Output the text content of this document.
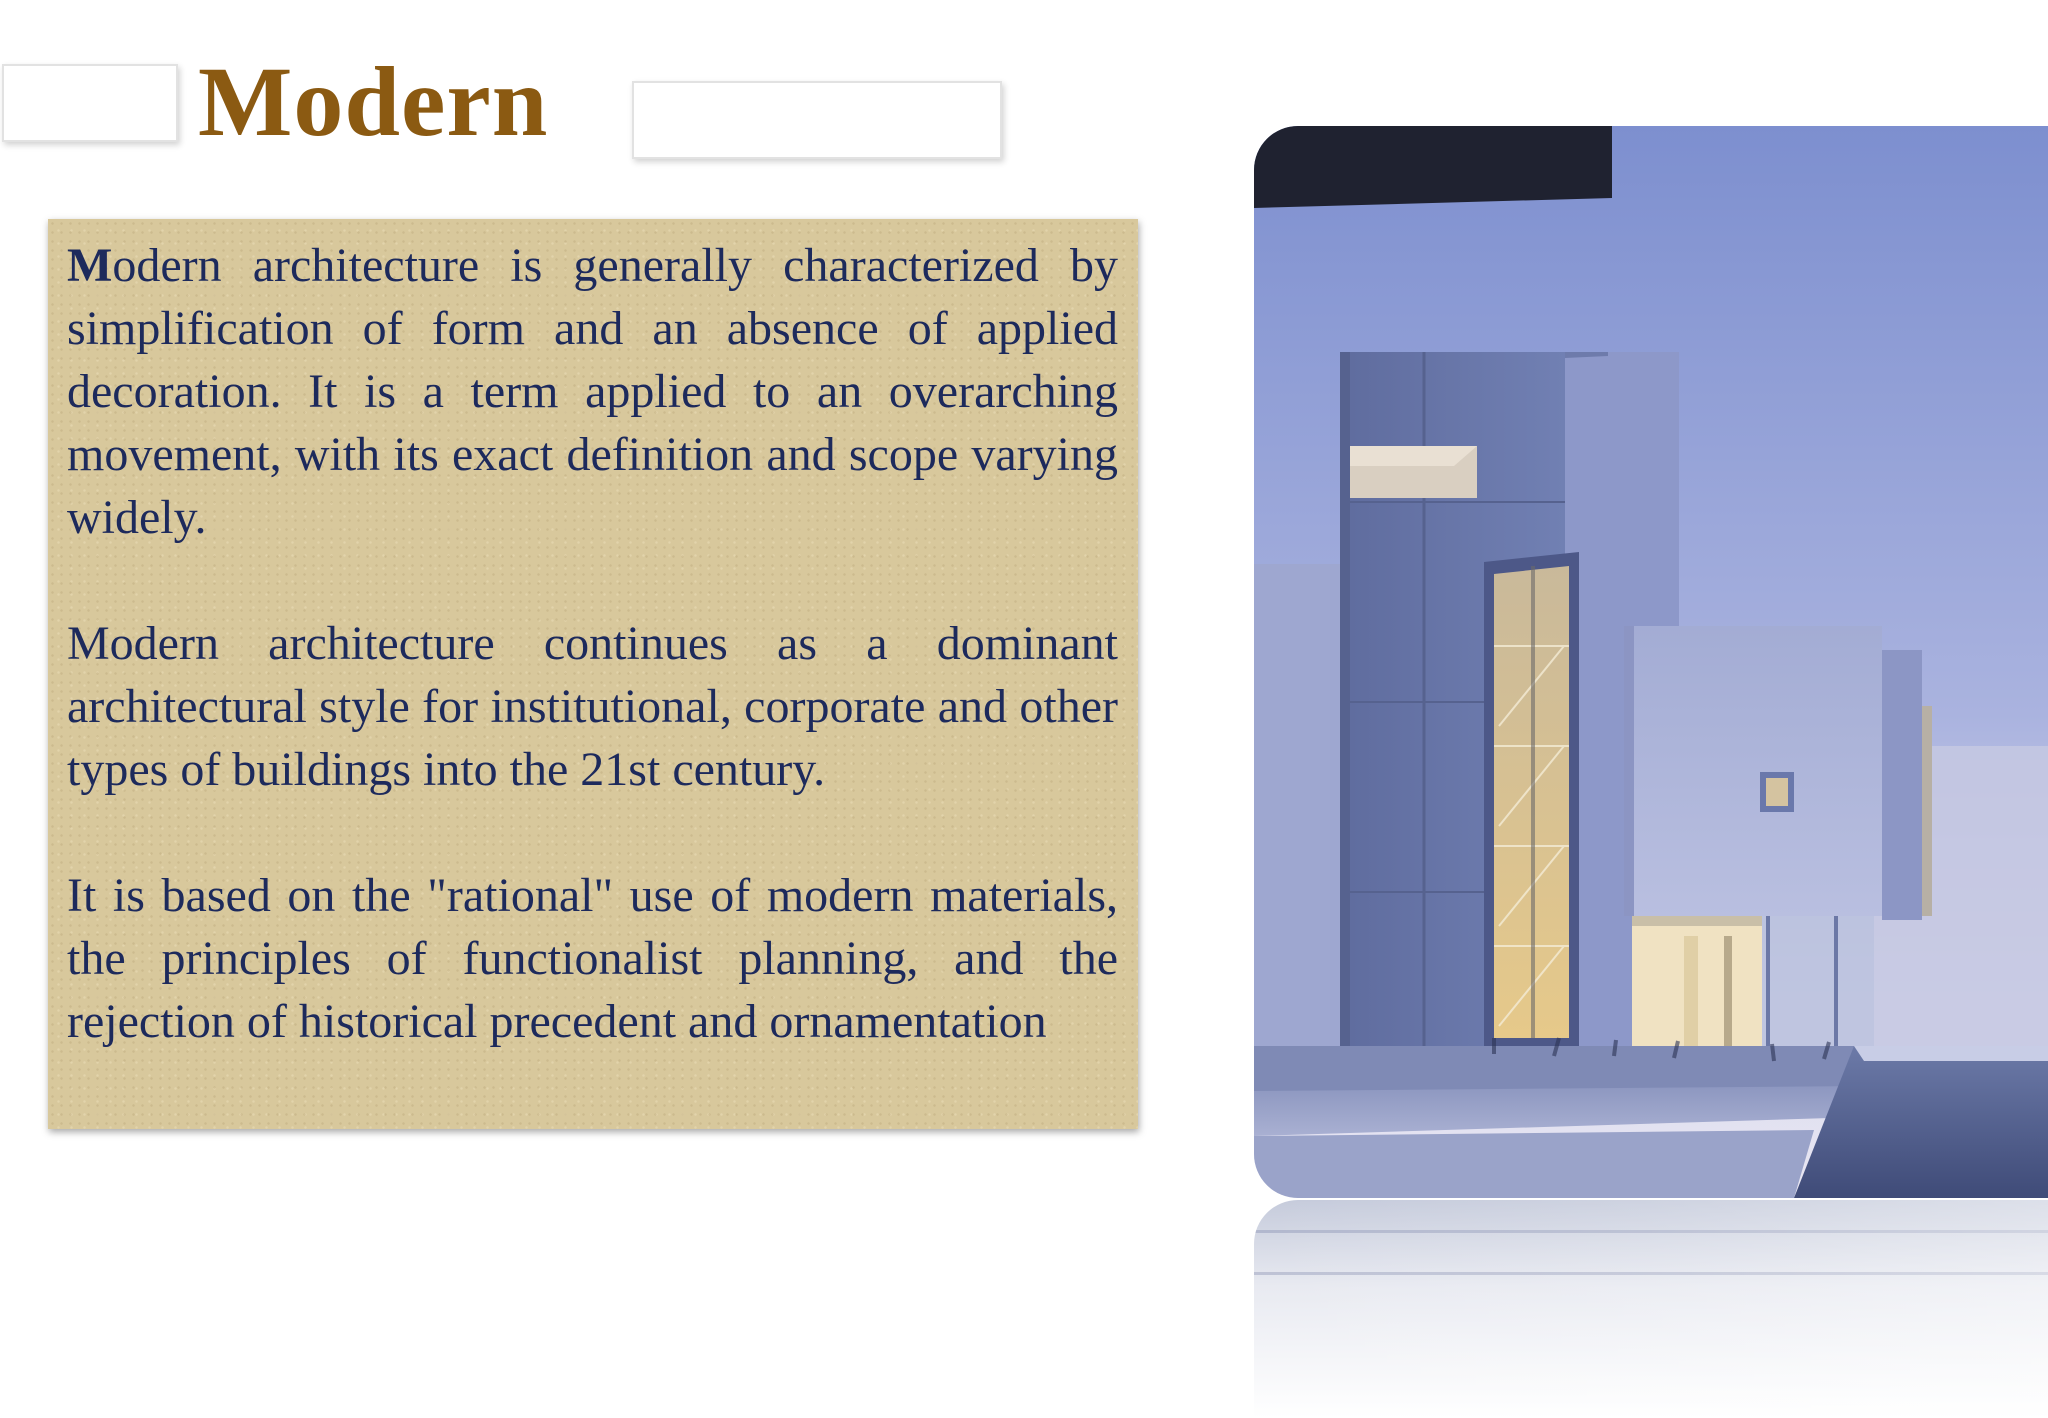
Modern

Modern architecture is generally characterized by simplification of form and an absence of applied decoration. It is a term applied to an overarching movement, with its exact definition and scope varying widely.

Modern architecture continues as a dominant architectural style for institutional, corporate and other types of buildings into the 21st century.

It is based on the "rational" use of modern materials, the principles of functionalist planning, and the rejection of historical precedent and ornamentation
